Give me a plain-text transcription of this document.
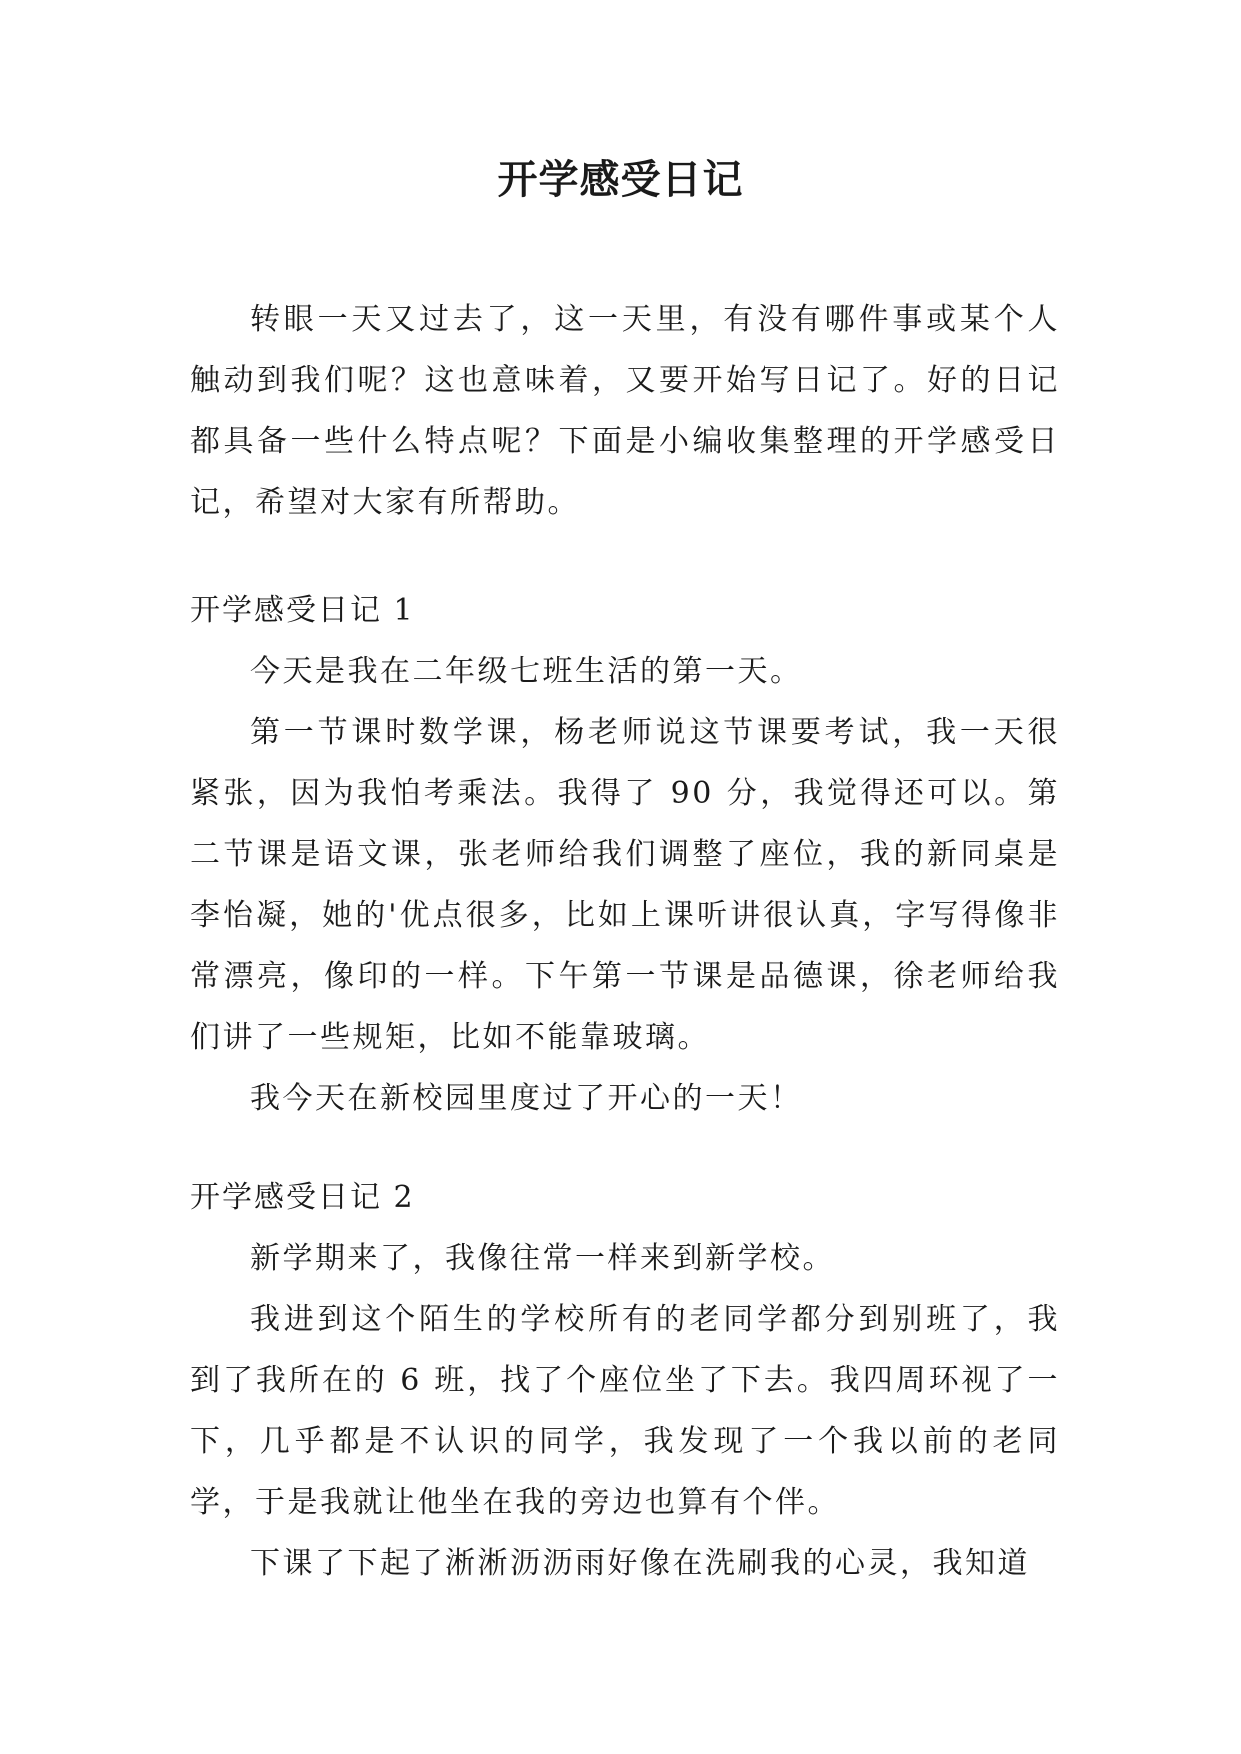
开学感受日记

转眼一天又过去了，这一天里，有没有哪件事或某个人触动到我们呢？这也意味着，又要开始写日记了。好的日记都具备一些什么特点呢？下面是小编收集整理的开学感受日记，希望对大家有所帮助。

开学感受日记 1

今天是我在二年级七班生活的第一天。

第一节课时数学课，杨老师说这节课要考试，我一天很紧张，因为我怕考乘法。我得了 90 分，我觉得还可以。第二节课是语文课，张老师给我们调整了座位，我的新同桌是李怡凝，她的'优点很多，比如上课听讲很认真，字写得像非常漂亮，像印的一样。下午第一节课是品德课，徐老师给我们讲了一些规矩，比如不能靠玻璃。

我今天在新校园里度过了开心的一天！

开学感受日记 2

新学期来了，我像往常一样来到新学校。

我进到这个陌生的学校所有的老同学都分到别班了，我到了我所在的 6 班，找了个座位坐了下去。我四周环视了一下，几乎都是不认识的同学，我发现了一个我以前的老同学，于是我就让他坐在我的旁边也算有个伴。

下课了下起了淅淅沥沥雨好像在洗刷我的心灵，我知道
